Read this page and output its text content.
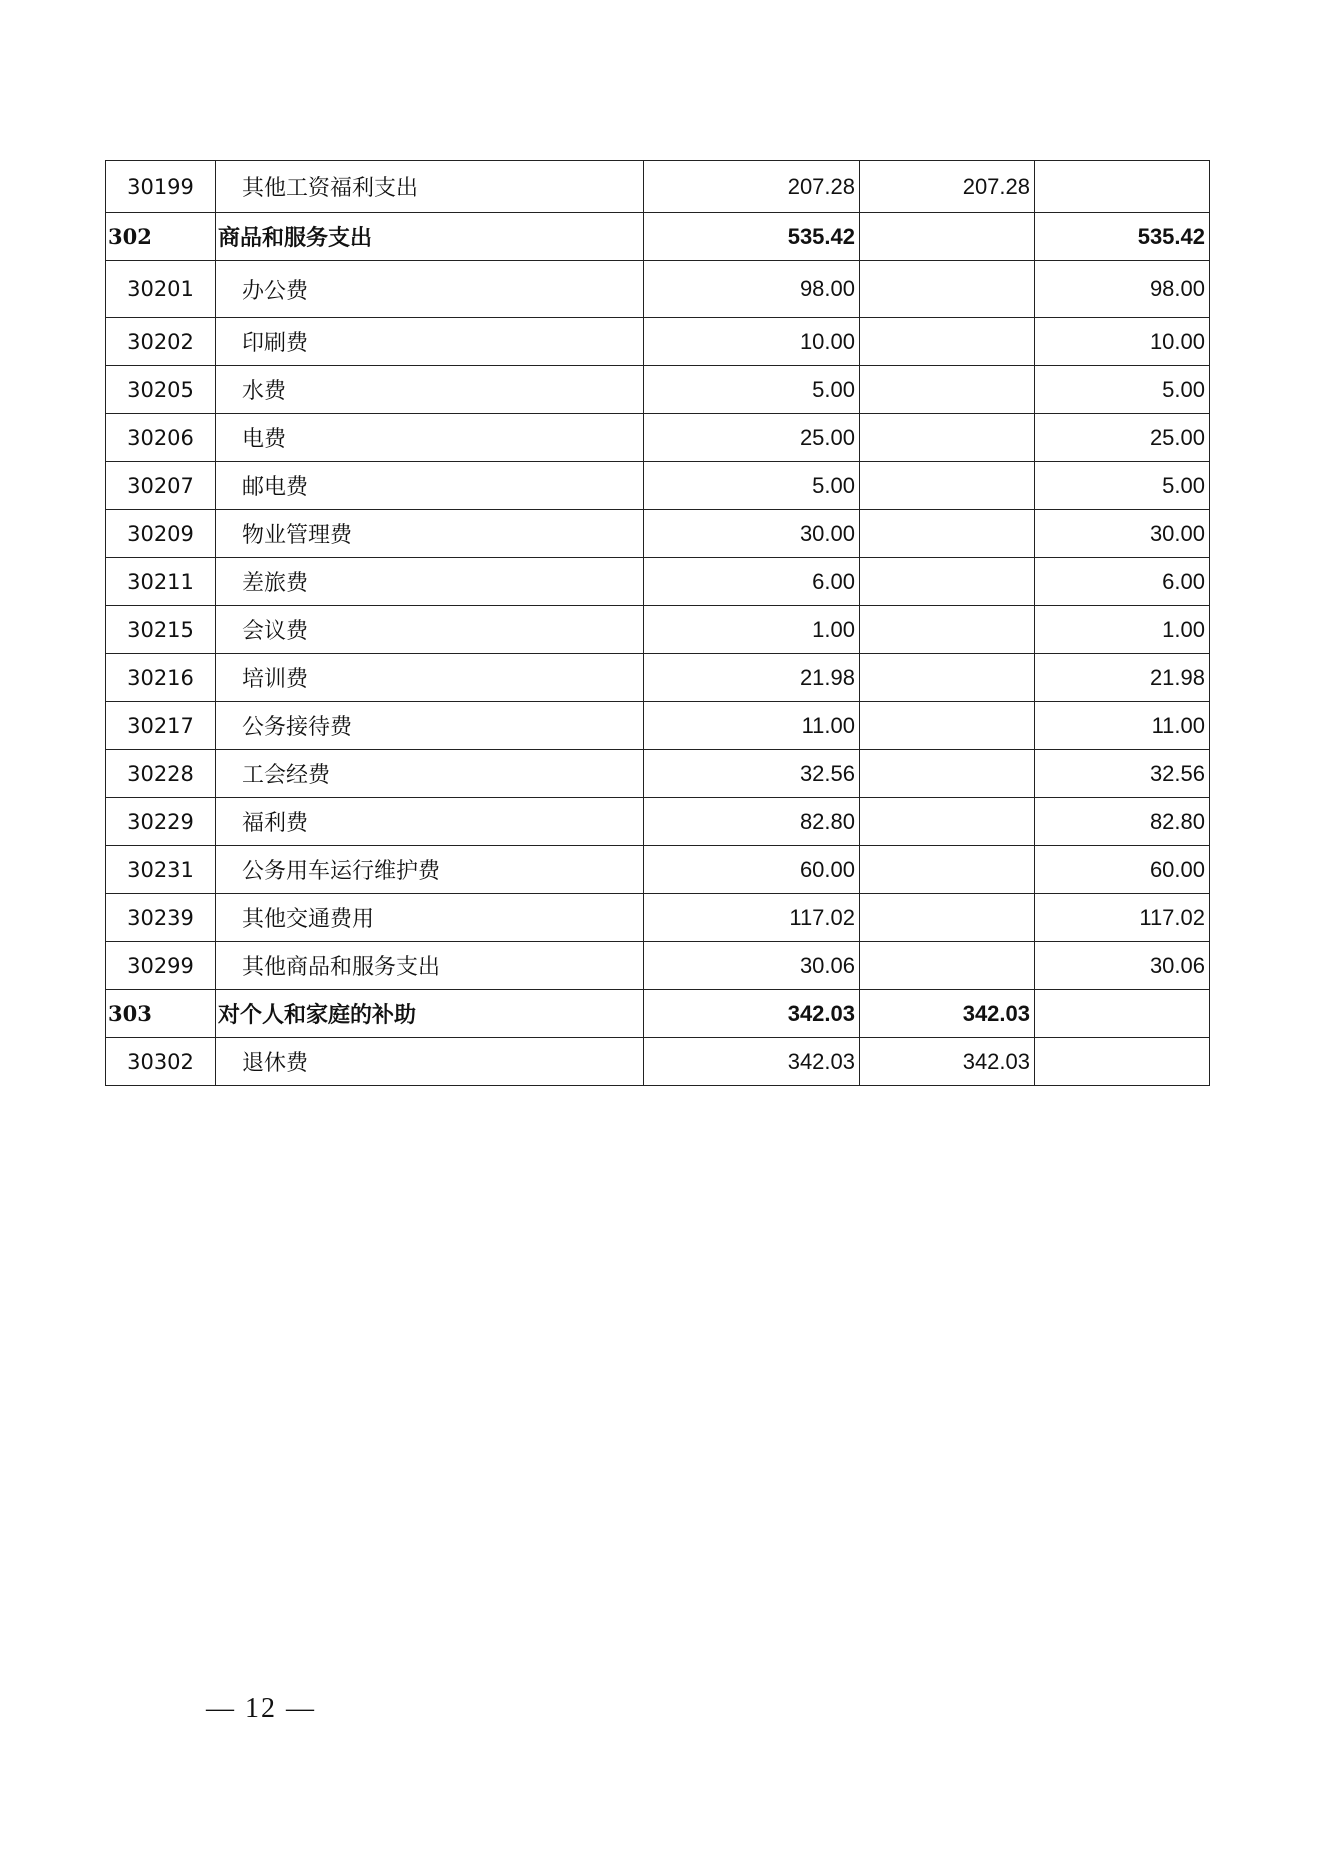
30199	其他工资福利支出	207.28	207.28	
302	商品和服务支出	535.42		535.42
30201	办公费	98.00		98.00
30202	印刷费	10.00		10.00
30205	水费	5.00		5.00
30206	电费	25.00		25.00
30207	邮电费	5.00		5.00
30209	物业管理费	30.00		30.00
30211	差旅费	6.00		6.00
30215	会议费	1.00		1.00
30216	培训费	21.98		21.98
30217	公务接待费	11.00		11.00
30228	工会经费	32.56		32.56
30229	福利费	82.80		82.80
30231	公务用车运行维护费	60.00		60.00
30239	其他交通费用	117.02		117.02
30299	其他商品和服务支出	30.06		30.06
303	对个人和家庭的补助	342.03	342.03	
30302	退休费	342.03	342.03	
— 12 —
